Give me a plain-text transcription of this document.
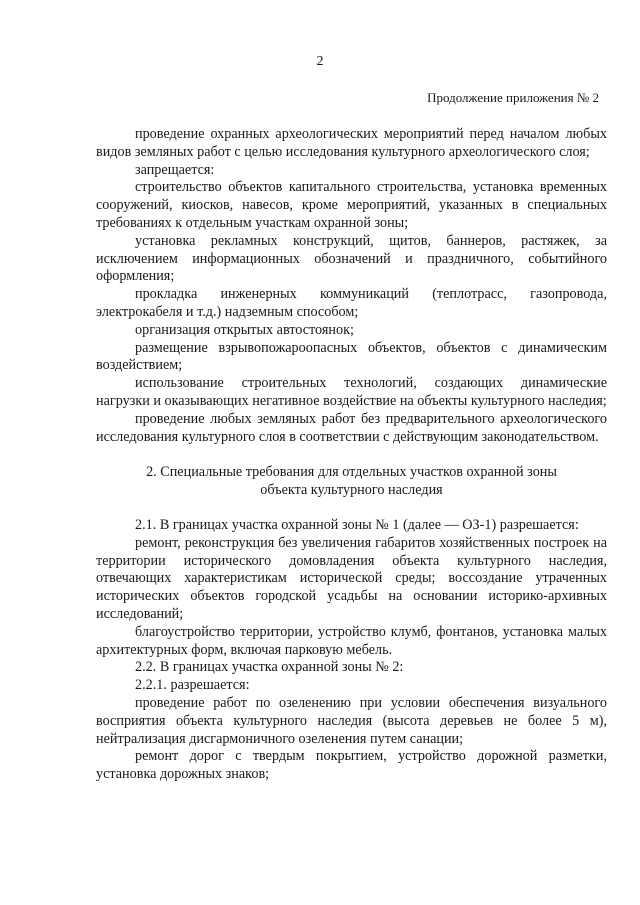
2
Продолжение приложения № 2

проведение охранных археологических мероприятий перед началом любых видов земляных работ с целью исследования культурного археологического слоя;

запрещается:

строительство объектов капитального строительства, установка временных сооружений, киосков, навесов, кроме мероприятий, указанных в специальных требованиях к отдельным участкам охранной зоны;

установка рекламных конструкций, щитов, баннеров, растяжек, за исключением информационных обозначений и праздничного, событийного оформления;

прокладка инженерных коммуникаций (теплотрасс, газопровода, электрокабеля и т.д.) надземным способом;

организация открытых автостоянок;

размещение взрывопожароопасных объектов, объектов с динамическим воздействием;

использование строительных технологий, создающих динамические нагрузки и оказывающих негативное воздействие на объекты культурного наследия;

проведение любых земляных работ без предварительного археологического исследования культурного слоя в соответствии с действующим законодательством.

2. Специальные требования для отдельных участков охранной зоны
объекта культурного наследия

2.1. В границах участка охранной зоны № 1 (далее — ОЗ-1) разрешается:

ремонт, реконструкция без увеличения габаритов хозяйственных построек на территории исторического домовладения объекта культурного наследия, отвечающих характеристикам исторической среды; воссоздание утраченных исторических объектов городской усадьбы на основании историко-архивных исследований;

благоустройство территории, устройство клумб, фонтанов, установка малых архитектурных форм, включая парковую мебель.

2.2. В границах участка охранной зоны № 2:

2.2.1. разрешается:

проведение работ по озеленению при условии обеспечения визуального восприятия объекта культурного наследия (высота деревьев не более 5 м), нейтрализация дисгармоничного озеленения путем санации;

ремонт дорог с твердым покрытием, устройство дорожной разметки, установка дорожных знаков;
